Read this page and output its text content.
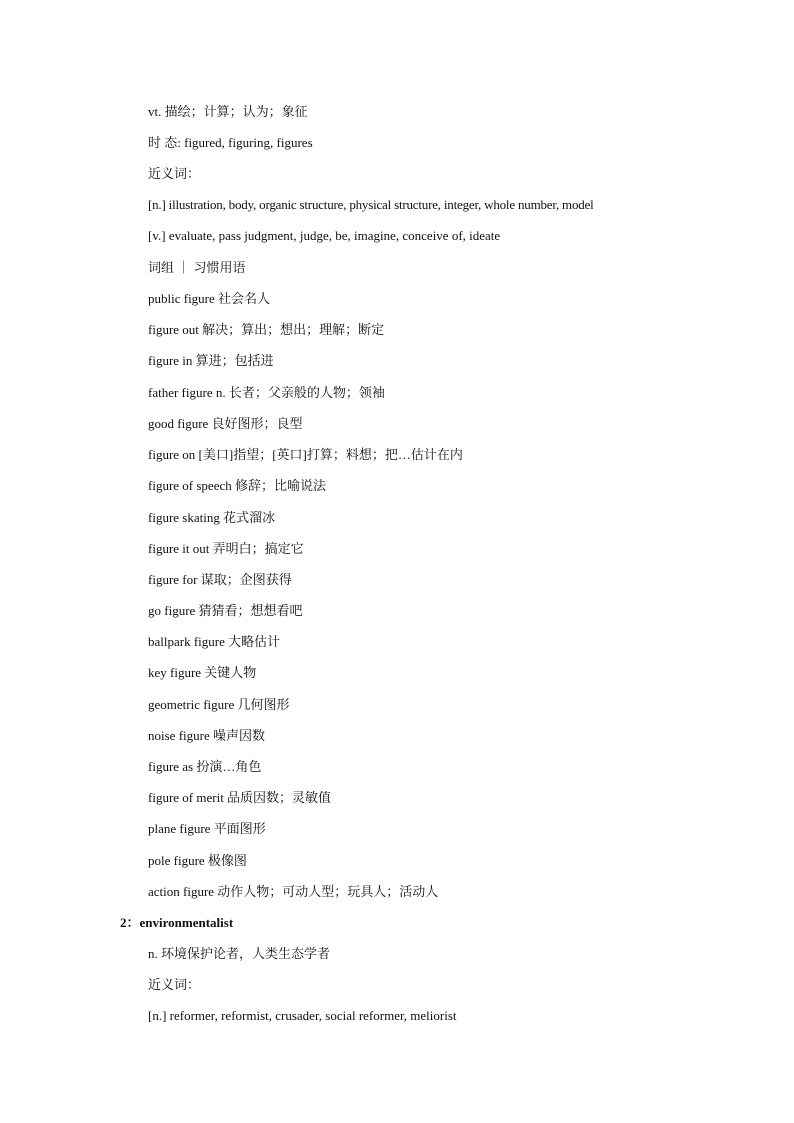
vt. 描绘；计算；认为；象征
时 态: figured, figuring, figures
近义词：
[n.] illustration, body, organic structure, physical structure, integer, whole number, model
[v.] evaluate, pass judgment, judge, be, imagine, conceive of, ideate
词组 ｜ 习惯用语
public figure 社会名人
figure out 解决；算出；想出；理解；断定
figure in 算进；包括进
father figure n. 长者；父亲般的人物；领袖
good figure 良好图形；良型
figure on [美口]指望；[英口]打算；料想；把…估计在内
figure of speech 修辞；比喻说法
figure skating 花式溜冰
figure it out 弄明白；搞定它
figure for 谋取；企图获得
go figure 猜猜看；想想看吧
ballpark figure 大略估计
key figure 关键人物
geometric figure 几何图形
noise figure 噪声因数
figure as 扮演…角色
figure of merit 品质因数；灵敏值
plane figure 平面图形
pole figure 极像图
action figure 动作人物；可动人型；玩具人；活动人
2：environmentalist
n. 环境保护论者，人类生态学者
近义词：
[n.] reformer, reformist, crusader, social reformer, meliorist
